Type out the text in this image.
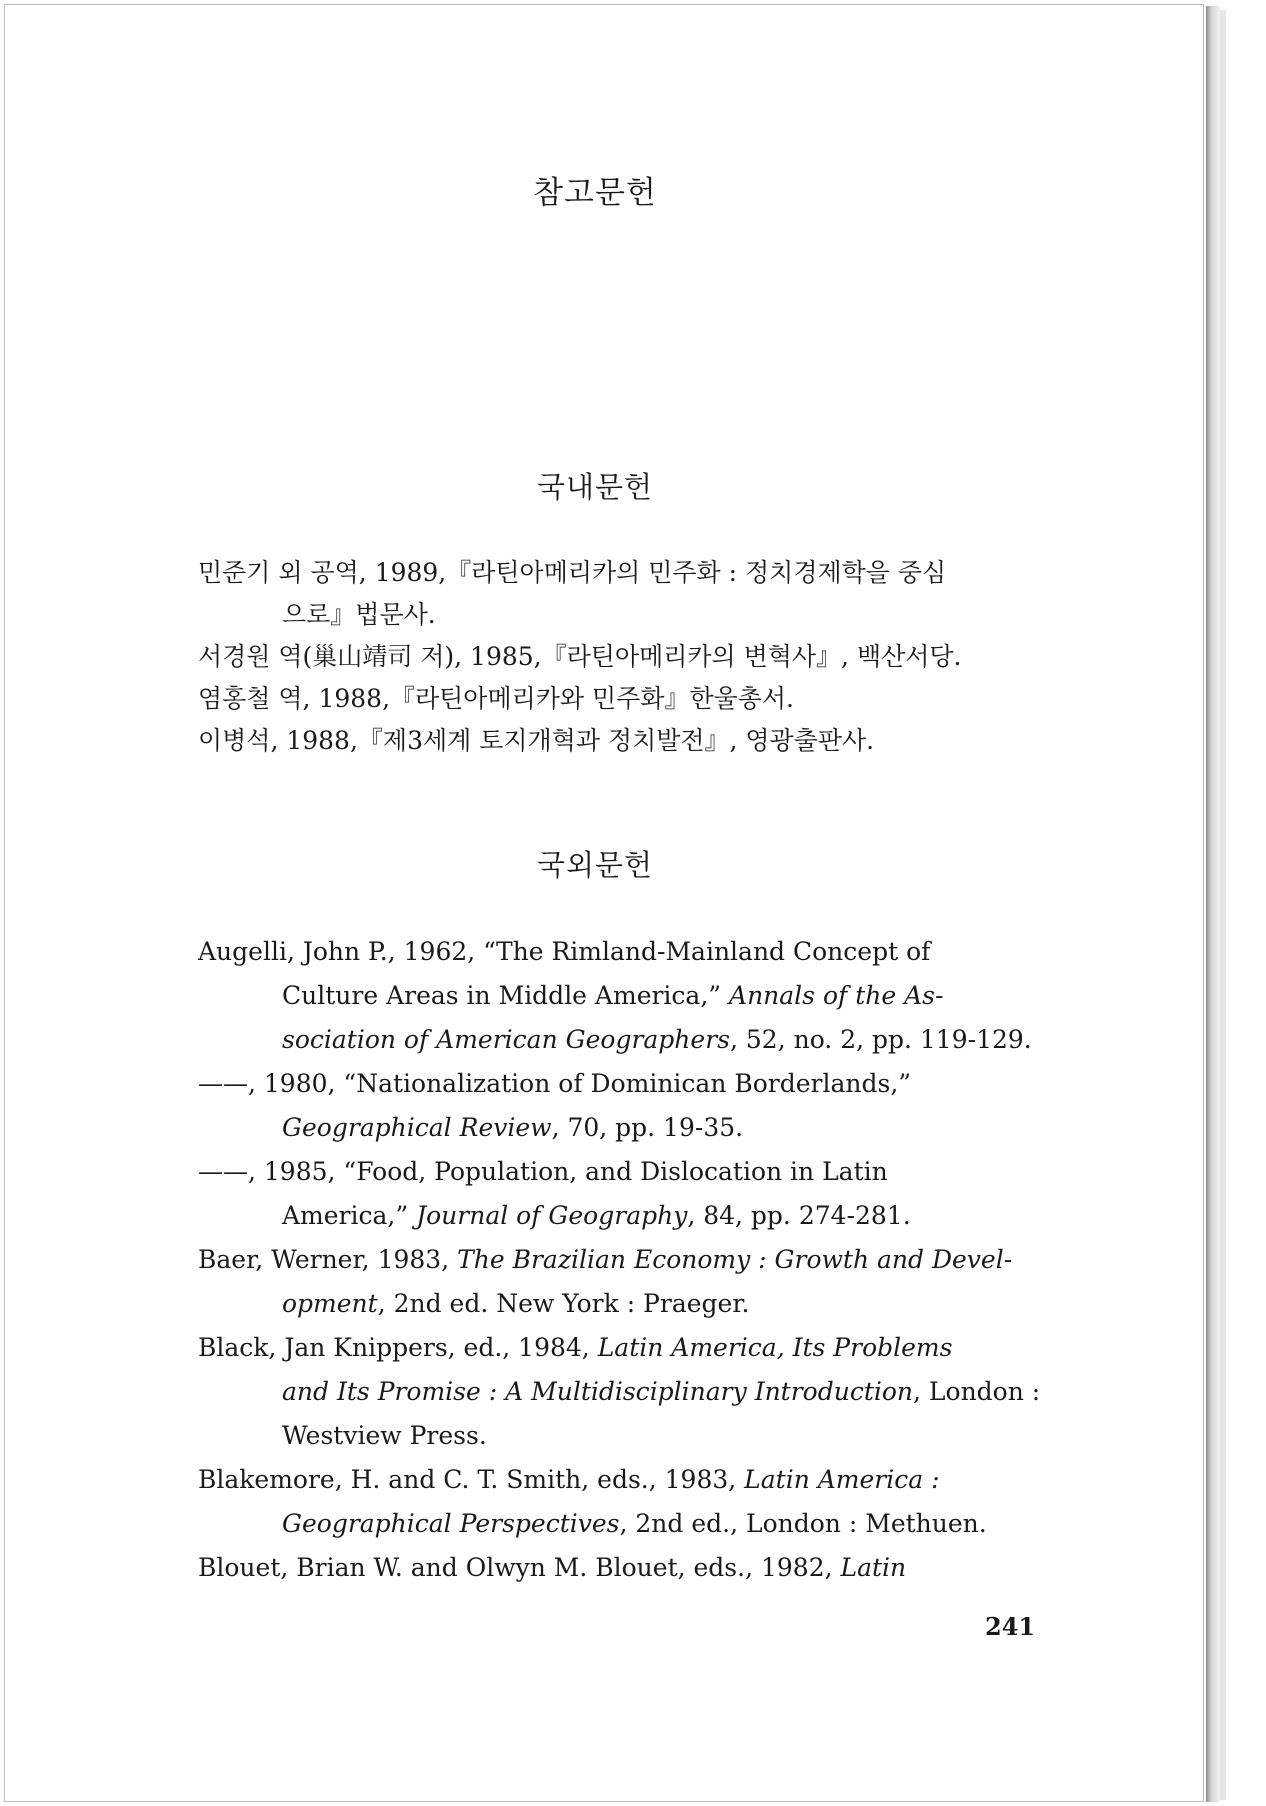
참고문헌
국내문헌
민준기 외 공역, 1989,『라틴아메리카의 민주화 : 정치경제학을 중심
으로』법문사.
서경원 역(巢山靖司 저), 1985,『라틴아메리카의 변혁사』, 백산서당.
염홍철 역, 1988,『라틴아메리카와 민주화』한울총서.
이병석, 1988,『제3세계 토지개혁과 정치발전』, 영광출판사.
국외문헌
Augelli, John P., 1962, “The Rimland-Mainland Concept of
Culture Areas in Middle America,” Annals of the As-
sociation of American Geographers, 52, no. 2, pp. 119-129.
——, 1980, “Nationalization of Dominican Borderlands,”
Geographical Review, 70, pp. 19-35.
——, 1985, “Food, Population, and Dislocation in Latin
America,” Journal of Geography, 84, pp. 274-281.
Baer, Werner, 1983, The Brazilian Economy : Growth and Devel-
opment, 2nd ed. New York : Praeger.
Black, Jan Knippers, ed., 1984, Latin America, Its Problems
and Its Promise : A Multidisciplinary Introduction, London :
Westview Press.
Blakemore, H. and C. T. Smith, eds., 1983, Latin America :
Geographical Perspectives, 2nd ed., London : Methuen.
Blouet, Brian W. and Olwyn M. Blouet, eds., 1982, Latin
241
